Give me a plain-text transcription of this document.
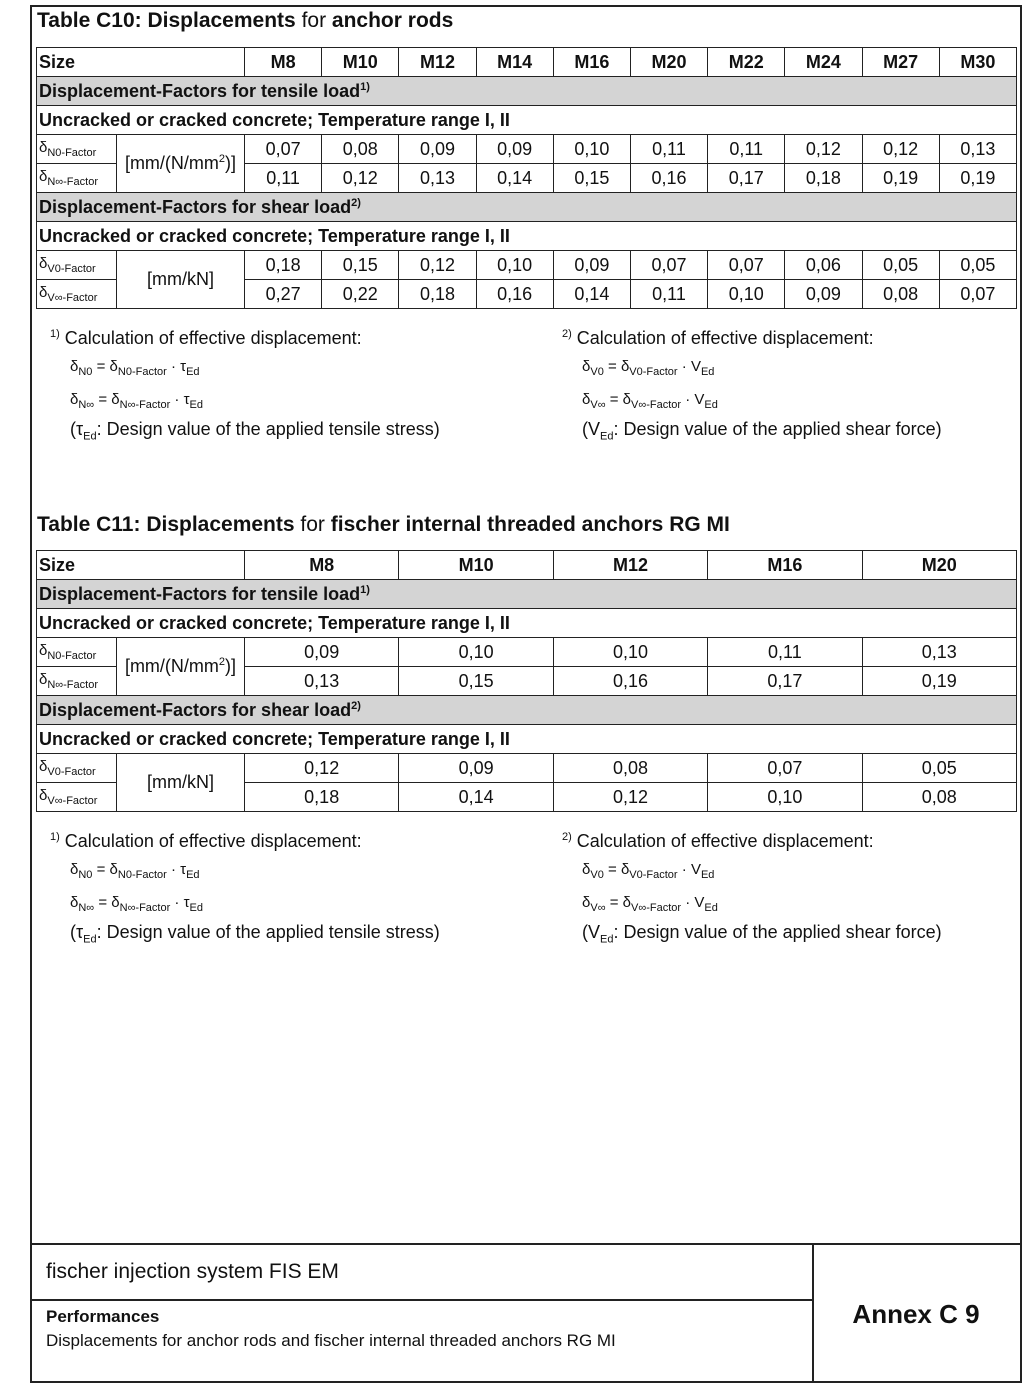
Table C10: Displacements for anchor rods
Size		M8	M10	M12	M14	M16	M20	M22	M24	M27	M30
Displacement-Factors for tensile load$^{1)}$
Uncracked or cracked concrete; Temperature range I, II											
$\delta_{N0-Factor}$	$[mm/(N/mm^2)]$	0,07	0,08	0,09	0,09	0,10	0,11	0,11	0,12	0,12	0,13
$\delta_{N\infty-Factor}$		0,11	0,12	0,13	0,14	0,15	0,16	0,17	0,18	0,19	0,19
Displacement-Factors for shear load$^{2)}$
Uncracked or cracked concrete; Temperature range I, II											
$\delta_{V0-Factor}$	[mm/kN]	0,18	0,15	0,12	0,10	0,09	0,07	0,07	0,06	0,05	0,05
$\delta_{V\infty-Factor}$		0,27	0,22	0,18	0,16	0,14	0,11	0,10	0,09	0,08	0,07
$^{1)}$ Calculation of effective displacement:
$\delta_{N0} = \delta_{N0-Factor} \cdot \tau_{Ed}$
$\delta_{N\infty} = \delta_{N\infty-Factor} \cdot \tau_{Ed}$
($\tau_{Ed}$: Design value of the applied tensile stress)
$^{2)}$ Calculation of effective displacement:
$\delta_{V0} = \delta_{V0-Factor} \cdot V_{Ed}$
$\delta_{V\infty} = \delta_{V\infty-Factor} \cdot V_{Ed}$
($V_{Ed}$: Design value of the applied shear force)
Table C11: Displacements for fischer internal threaded anchors RG MI
Size		M8	M10	M12	M16	M20
Displacement-Factors for tensile load$^{1)}$
Uncracked or cracked concrete; Temperature range I, II						
$\delta_{N0-Factor}$	$[mm/(N/mm^2)]$	0,09	0,10	0,10	0,11	0,13
$\delta_{N\infty-Factor}$		0,13	0,15	0,16	0,17	0,19
Displacement-Factors for shear load$^{2)}$
Uncracked or cracked concrete; Temperature range I, II						
$\delta_{V0-Factor}$	[mm/kN]	0,12	0,09	0,08	0,07	0,05
$\delta_{V\infty-Factor}$		0,18	0,14	0,12	0,10	0,08
$^{1)}$ Calculation of effective displacement:
$\delta_{N0} = \delta_{N0-Factor} \cdot \tau_{Ed}$
$\delta_{N\infty} = \delta_{N\infty-Factor} \cdot \tau_{Ed}$
($\tau_{Ed}$: Design value of the applied tensile stress)
$^{2)}$ Calculation of effective displacement:
$\delta_{V0} = \delta_{V0-Factor} \cdot V_{Ed}$
$\delta_{V\infty} = \delta_{V\infty-Factor} \cdot V_{Ed}$
($V_{Ed}$: Design value of the applied shear force)
fischer injection system FIS EM
Performances
Displacements for anchor rods and fischer internal threaded anchors RG MI
Annex C 9
